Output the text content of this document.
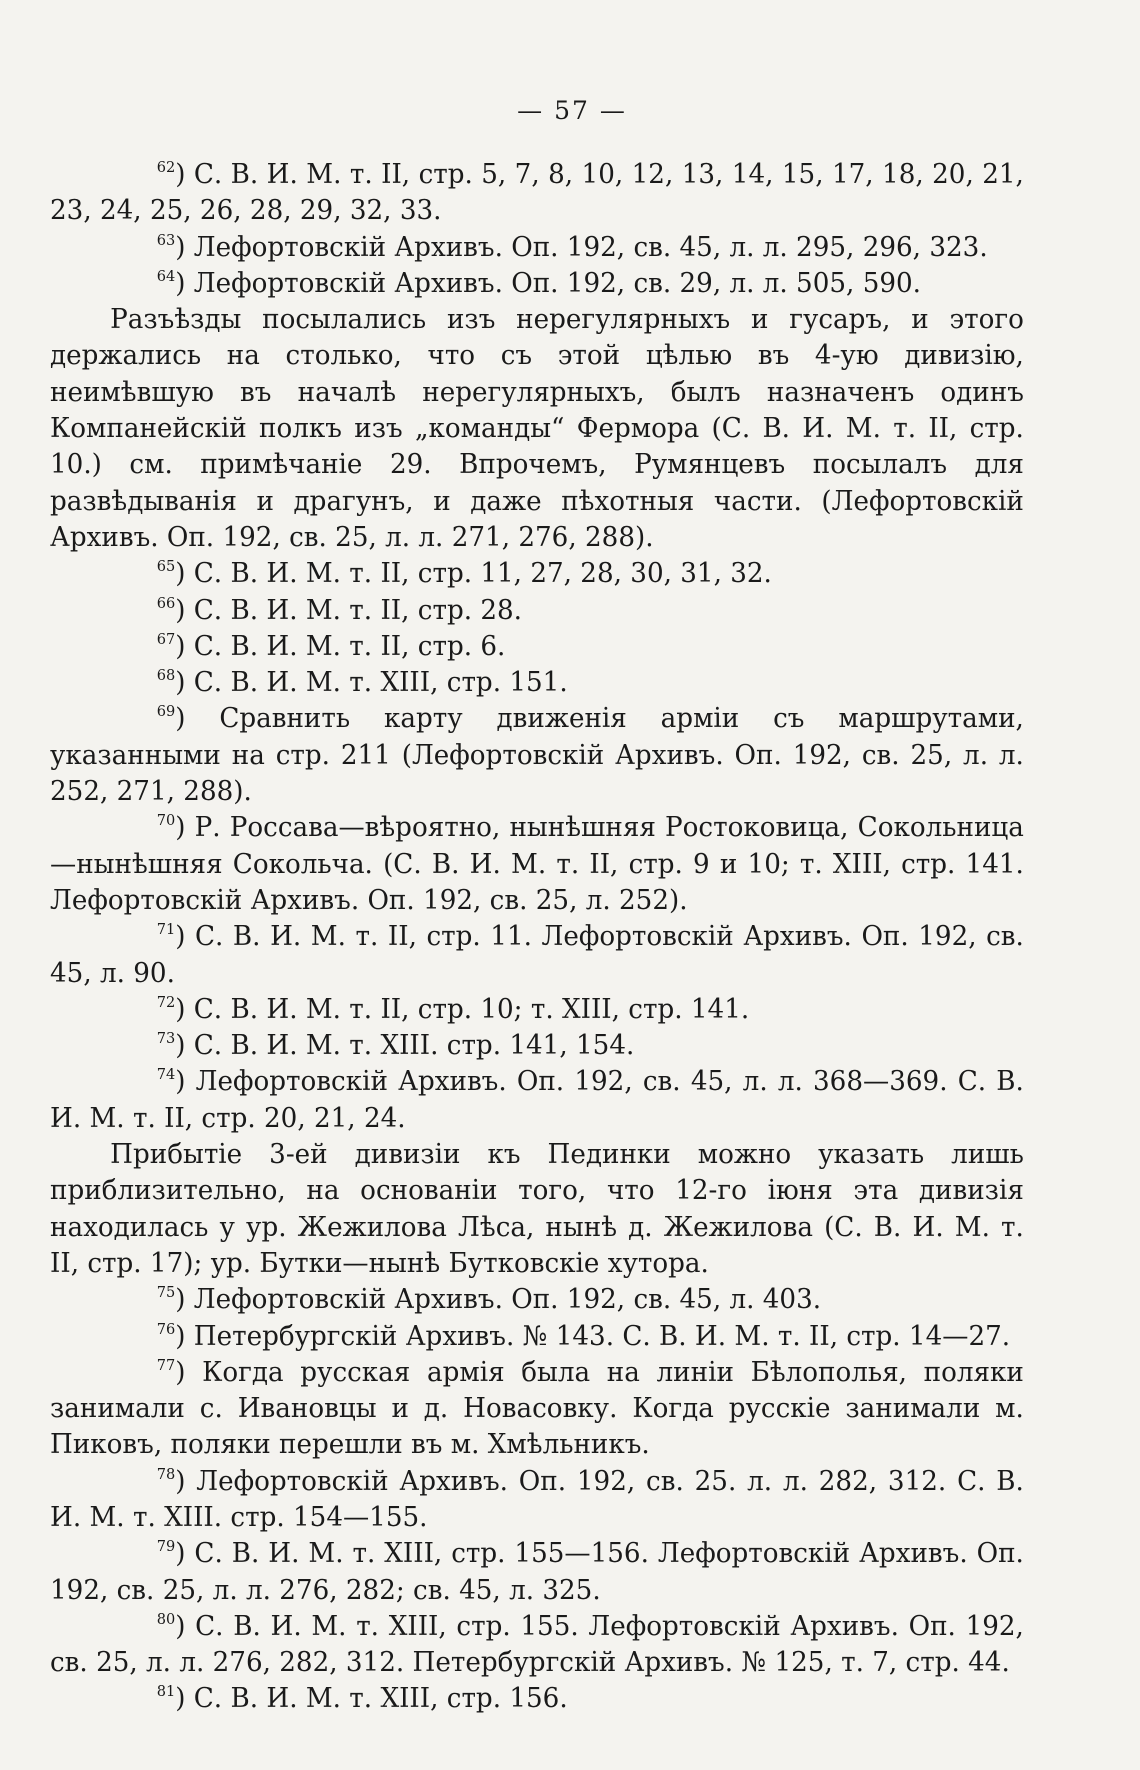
— 57 —

$^{62}$) С. В. И. М. т. II, стр. 5, 7, 8, 10, 12, 13, 14, 15, 17, 18, 20, 21, 23, 24, 25, 26, 28, 29, 32, 33.

$^{63}$) Лефортовскій Архивъ. Оп. 192, св. 45, л. л. 295, 296, 323.

$^{64}$) Лефортовскій Архивъ. Оп. 192, св. 29, л. л. 505, 590.

Разъѣзды посылались изъ нерегулярныхъ и гусаръ, и этого держались на столько, что съ этой цѣлью въ 4-ую дивизію, неимѣвшую въ началѣ нерегулярныхъ, былъ назначенъ одинъ Компанейскій полкъ изъ „команды“ Фермора (С. В. И. М. т. II, стр. 10.) см. примѣчаніе 29. Впрочемъ, Румянцевъ посылалъ для развѣдыванія и драгунъ, и даже пѣхотныя части. (Лефортовскій Архивъ. Оп. 192, св. 25, л. л. 271, 276, 288).

$^{65}$) С. В. И. М. т. II, стр. 11, 27, 28, 30, 31, 32.

$^{66}$) С. В. И. М. т. II, стр. 28.

$^{67}$) С. В. И. М. т. II, стр. 6.

$^{68}$) С. В. И. М. т. XIII, стр. 151.

$^{69}$) Сравнить карту движенія арміи съ маршрутами, указанными на стр. 211 (Лефортовскій Архивъ. Оп. 192, св. 25, л. л. 252, 271, 288).

$^{70}$) Р. Россава—вѣроятно, нынѣшняя Ростоковица, Сокольница—нынѣшняя Сокольча. (С. В. И. М. т. II, стр. 9 и 10; т. XIII, стр. 141. Лефортовскій Архивъ. Оп. 192, св. 25, л. 252).

$^{71}$) С. В. И. М. т. II, стр. 11. Лефортовскій Архивъ. Оп. 192, св. 45, л. 90.

$^{72}$) С. В. И. М. т. II, стр. 10; т. XIII, стр. 141.

$^{73}$) С. В. И. М. т. XIII. стр. 141, 154.

$^{74}$) Лефортовскій Архивъ. Оп. 192, св. 45, л. л. 368—369. С. В. И. М. т. II, стр. 20, 21, 24.

Прибытіе 3-ей дивизіи къ Пединки можно указать лишь приблизительно, на основаніи того, что 12-го іюня эта дивизія находилась у ур. Жежилова Лѣса, нынѣ д. Жежилова (С. В. И. М. т. II, стр. 17); ур. Бутки—нынѣ Бутковскіе хутора.

$^{75}$) Лефортовскій Архивъ. Оп. 192, св. 45, л. 403.

$^{76}$) Петербургскій Архивъ. № 143. С. В. И. М. т. II, стр. 14—27.

$^{77}$) Когда русская армія была на линіи Бѣлополья, поляки занимали с. Ивановцы и д. Новасовку. Когда русскіе занимали м. Пиковъ, поляки перешли въ м. Хмѣльникъ.

$^{78}$) Лефортовскій Архивъ. Оп. 192, св. 25. л. л. 282, 312. С. В. И. М. т. XIII. стр. 154—155.

$^{79}$) С. В. И. М. т. XIII, стр. 155—156. Лефортовскій Архивъ. Оп. 192, св. 25, л. л. 276, 282; св. 45, л. 325.

$^{80}$) С. В. И. М. т. XIII, стр. 155. Лефортовскій Архивъ. Оп. 192, св. 25, л. л. 276, 282, 312. Петербургскій Архивъ. № 125, т. 7, стр. 44.

$^{81}$) С. В. И. М. т. XIII, стр. 156.
